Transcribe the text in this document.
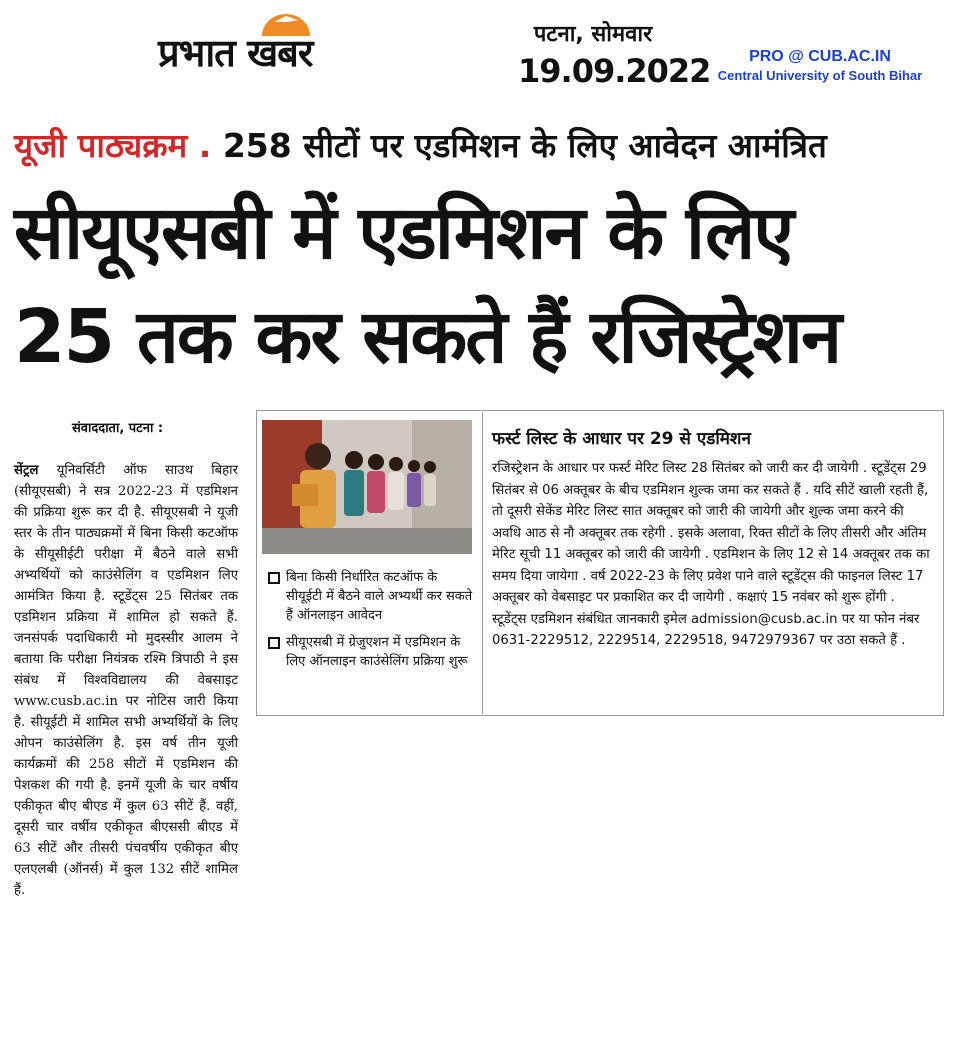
प्रभात खबर	पटना, सोमवार
19.09.2022	PRO @ CUB.AC.IN
Central University of South Bihar
यूजी पाठ्यक्रम . 258 सीटों पर एडमिशन के लिए आवेदन आमंत्रित
सीयूएसबी में एडमिशन के लिए
25 तक कर सकते हैं रजिस्ट्रेशन
संवाददाता, पटना :
सेंट्रल यूनिवर्सिटी ऑफ साउथ बिहार (सीयूएसबी) ने सत्र 2022-23 में एडमिशन की प्रक्रिया शुरू कर दी है. सीयूएसबी ने यूजी स्तर के तीन पाठ्यक्रमों में बिना किसी कटऑफ के सीयूसीईटी परीक्षा में बैठने वाले सभी अभ्यर्थियों को काउंसेलिंग व एडमिशन लिए आमंत्रित किया है. स्टूडेंट्स 25 सितंबर तक एडमिशन प्रक्रिया में शामिल हो सकते हैं. जनसंपर्क पदाधिकारी मो मुदस्सीर आलम ने बताया कि परीक्षा नियंत्रक रश्मि त्रिपाठी ने इस संबंध में विश्वविद्यालय की वेबसाइट www.cusb.ac.in पर नोटिस जारी किया है. सीयूईटी में शामिल सभी अभ्यर्थियों के लिए ओपन काउंसेलिंग है. इस वर्ष तीन यूजी कार्यक्रमों की 258 सीटों में एडमिशन की पेशकश की गयी है. इनमें यूजी के चार वर्षीय एकीकृत बीए बीएड में कुल 63 सीटें हैं. वहीं, दूसरी चार वर्षीय एकीकृत बीएससी बीएड में 63 सीटें और तीसरी पंचवर्षीय एकीकृत बीए एलएलबी (ऑनर्स) में कुल 132 सीटें शामिल हैं.
बिना किसी निर्धारित कटऑफ के सीयूईटी में बैठने वाले अभ्यर्थी कर सकते हैं ऑनलाइन आवेदन
सीयूएसबी में ग्रेजुएशन में एडमिशन के लिए ऑनलाइन काउंसेलिंग प्रक्रिया शुरू
फर्स्ट लिस्ट के आधार पर 29 से एडमिशन
रजिस्ट्रेशन के आधार पर फर्स्ट मेरिट लिस्ट 28 सितंबर को जारी कर दी जायेगी . स्टूडेंट्स 29 सितंबर से 06 अक्तूबर के बीच एडमिशन शुल्क जमा कर सकते हैं . यदि सीटें खाली रहती हैं, तो दूसरी सेकेंड मेरिट लिस्ट सात अक्तूबर को जारी की जायेगी और शुल्क जमा करने की अवधि आठ से नौ अक्तूबर तक रहेगी . इसके अलावा, रिक्त सीटों के लिए तीसरी और अंतिम मेरिट सूची 11 अक्तूबर को जारी की जायेगी . एडमिशन के लिए 12 से 14 अक्तूबर तक का समय दिया जायेगा . वर्ष 2022-23 के लिए प्रवेश पाने वाले स्टूडेंट्स की फाइनल लिस्ट 17 अक्तूबर को वेबसाइट पर प्रकाशित कर दी जायेगी . कक्षाएं 15 नवंबर को शुरू होंगी . स्टूडेंट्स एडमिशन संबंधित जानकारी इमेल admission@cusb.ac.in पर या फोन नंबर 0631-2229512, 2229514, 2229518, 9472979367 पर उठा सकते हैं .
